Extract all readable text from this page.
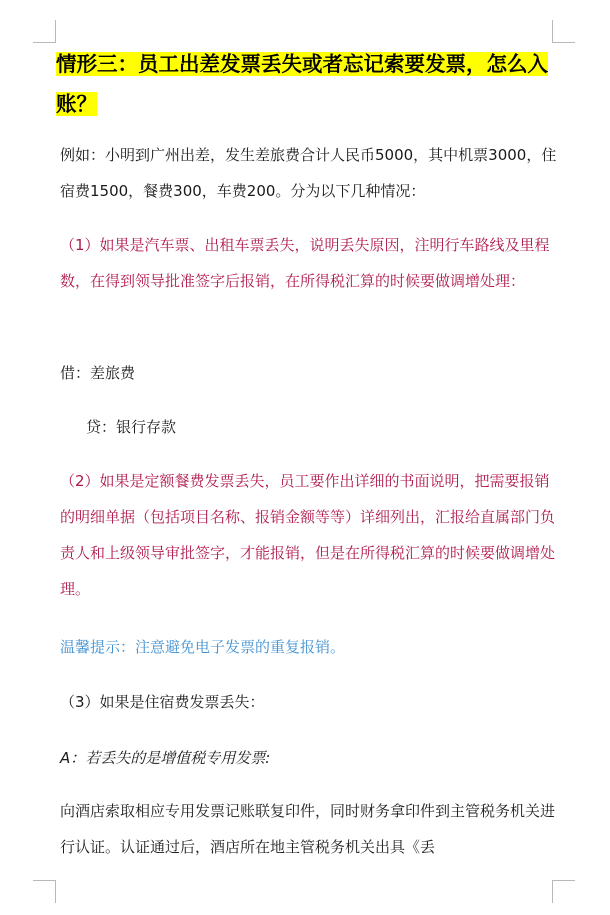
情形三：员工出差发票丢失或者忘记索要发票，怎么入账？

例如：小明到广州出差，发生差旅费合计人民币5000，其中机票3000，住宿费1500，餐费300，车费200。分为以下几种情况：

（1）如果是汽车票、出租车票丢失，说明丢失原因，注明行车路线及里程数，在得到领导批准签字后报销，在所得税汇算的时候要做调增处理：

借：差旅费

贷：银行存款

（2）如果是定额餐费发票丢失，员工要作出详细的书面说明，把需要报销的明细单据（包括项目名称、报销金额等等）详细列出，汇报给直属部门负责人和上级领导审批签字，才能报销，但是在所得税汇算的时候要做调增处理。

温馨提示：注意避免电子发票的重复报销。

（3）如果是住宿费发票丢失：

A：若丢失的是增值税专用发票:

向酒店索取相应专用发票记账联复印件，同时财务拿印件到主管税务机关进行认证。认证通过后，酒店所在地主管税务机关出具《丢
